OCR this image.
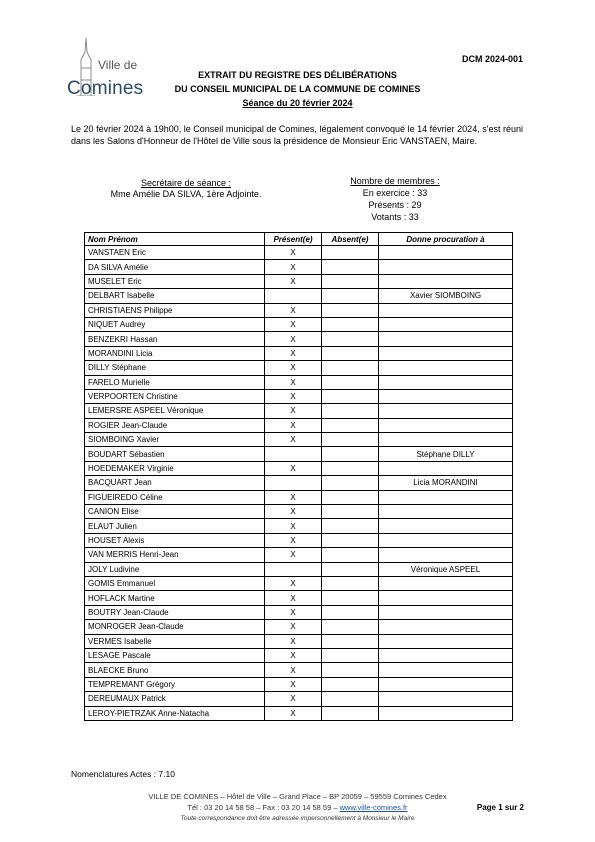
Ville de
Comines
DCM 2024-001
EXTRAIT DU REGISTRE DES DÉLIBÉRATIONS
DU CONSEIL MUNICIPAL DE LA COMMUNE DE COMINES
Séance du 20 février 2024
Le 20 février 2024 à 19h00, le Conseil municipal de Comines, légalement convoqué le 14 février 2024, s'est réuni dans les Salons d'Honneur de l'Hôtel de Ville sous la présidence de Monsieur Eric VANSTAEN, Maire.
Secrétaire de séance :
Mme Amélie DA SILVA, 1ère Adjointe.
Nombre de membres :
En exercice : 33
Présents : 29
Votants : 33
Nom Prénom	Présent(e)	Absent(e)	Donne procuration à
VANSTAEN Eric	X		
DA SILVA Amélie	X		
MUSELET Eric	X		
DELBART Isabelle			Xavier SIOMBOING
CHRISTIAENS Philippe	X		
NIQUET Audrey	X		
BENZEKRI Hassan	X		
MORANDINI Licia	X		
DILLY Stéphane	X		
FARELO Murielle	X		
VERPOORTEN Christine	X		
LEMERSRE ASPEEL Véronique	X		
ROGIER Jean-Claude	X		
SIOMBOING Xavier	X		
BOUDART Sébastien			Stéphane DILLY
HOEDEMAKER Virginie	X		
BACQUART Jean			Licia MORANDINI
FIGUEIREDO Céline	X		
CANION Elise	X		
ELAUT Julien	X		
HOUSET Alexis	X		
VAN MERRIS Henri-Jean	X		
JOLY Ludivine			Véronique ASPEEL
GOMIS Emmanuel	X		
HOFLACK Martine	X		
BOUTRY Jean-Claude	X		
MONROGER Jean-Claude	X		
VERMES Isabelle	X		
LESAGE Pascale	X		
BLAECKE Bruno	X		
TEMPREMANT Grégory	X		
DEREUMAUX Patrick	X		
LEROY-PIETRZAK Anne-Natacha	X		
Nomenclatures Actes : 7.10
VILLE DE COMINES – Hôtel de Ville – Grand Place – BP 20059 – 59559 Comines Cedex
Tél : 03 20 14 58 58 – Fax : 03 20 14 58 59 – www.ville-comines.fr
Toute correspondance doit être adressée impersonnellement à Monsieur le Maire
Page 1 sur 2
